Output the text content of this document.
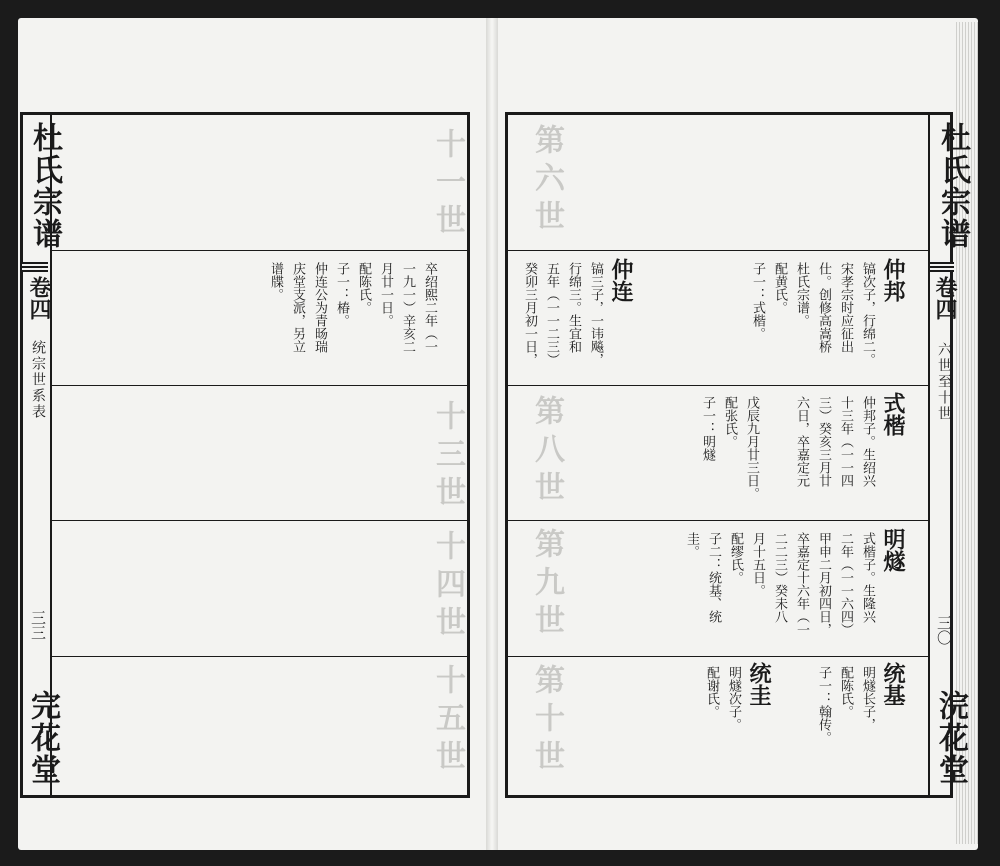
杜氏宗谱
卷四
统宗世系表
三三
完花堂
十一世
十三世
十四世
十五世
卒绍熙二年（一
一九一）辛亥二
月廿一日。
配陈氏。
子一：椿。
仲连公为青旸瑞
庆堂支派，另立
谱牒。
杜氏宗谱
卷四
六世至十世
三〇
浣花堂
第六世
第八世
第九世
第十世
仲邦
镐次子，行绵二。
宋孝宗时应征出
仕。创修高嵩桥
杜氏宗谱。
配黄氏。
子一：式楷。
仲连
镐三子，一讳飚，
行绵三。生宜和
五年（一一二三）
癸卯三月初一日，
式楷
仲邦子。生绍兴
十三年（一一四
三）癸亥三月廿
六日，卒嘉定元
戊辰九月廿三日。
配张氏。
子一：明燧
明燧
式楷子。生隆兴
二年（一一六四）
甲申二月初四日，
卒嘉定十六年（一
二二三）癸未八
月十五日。
配缪氏。
子二：统基、统
圭。
统基
明燧长子，
配陈氏。
子一：翰传。
统圭
明燧次子。
配谢氏。
